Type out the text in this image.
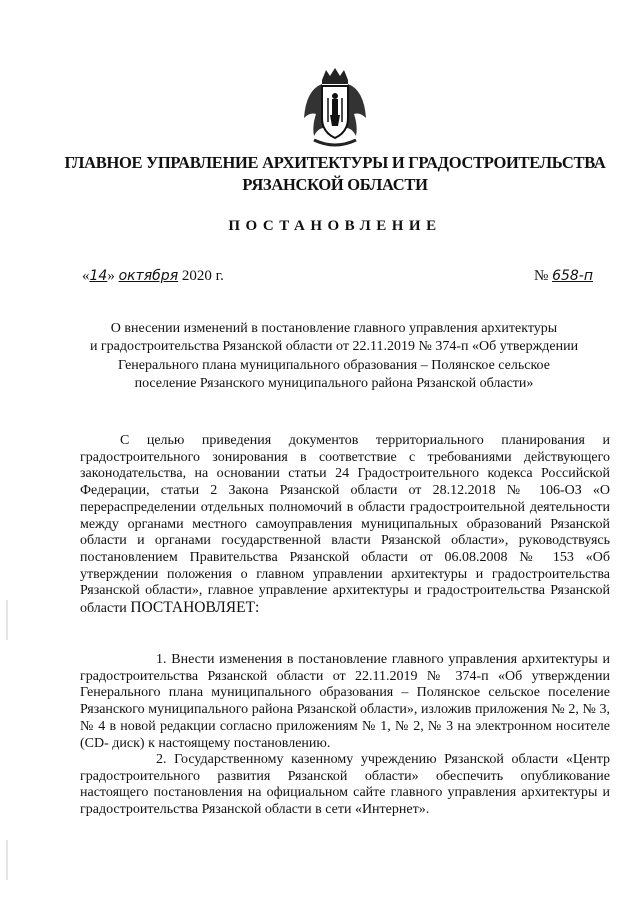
ГЛАВНОЕ УПРАВЛЕНИЕ АРХИТЕКТУРЫ И ГРАДОСТРОИТЕЛЬСТВА
РЯЗАНСКОЙ ОБЛАСТИ
ПОСТАНОВЛЕНИЕ
«14» октября 2020 г.	№ 658-п
О внесении изменений в постановление главного управления архитектуры
и градостроительства Рязанской области от 22.11.2019 № 374-п «Об утверждении
Генерального плана муниципального образования – Полянское сельское
поселение Рязанского муниципального района Рязанской области»
С целью приведения документов территориального планирования и градостроительного зонирования в соответствие с требованиями действующего законодательства, на основании статьи 24 Градостроительного кодекса Российской Федерации, статьи 2 Закона Рязанской области от 28.12.2018 № 106-ОЗ «О перераспределении отдельных полномочий в области градостроительной деятельности между органами местного самоуправления муниципальных образований Рязанской области и органами государственной власти Рязанской области», руководствуясь постановлением Правительства Рязанской области от 06.08.2008 № 153 «Об утверждении положения о главном управлении архитектуры и градостроительства Рязанской области», главное управление архитектуры и градостроительства Рязанской области ПОСТАНОВЛЯЕТ:
1. Внести изменения в постановление главного управления архитектуры и градостроительства Рязанской области от 22.11.2019 № 374-п «Об утверждении Генерального плана муниципального образования – Полянское сельское поселение Рязанского муниципального района Рязанской области», изложив приложения № 2, № 3, № 4 в новой редакции согласно приложениям № 1, № 2, № 3 на электронном носителе (CD- диск) к настоящему постановлению.
2. Государственному казенному учреждению Рязанской области «Центр градостроительного развития Рязанской области» обеспечить опубликование настоящего постановления на официальном сайте главного управления архитектуры и градостроительства Рязанской области в сети «Интернет».
